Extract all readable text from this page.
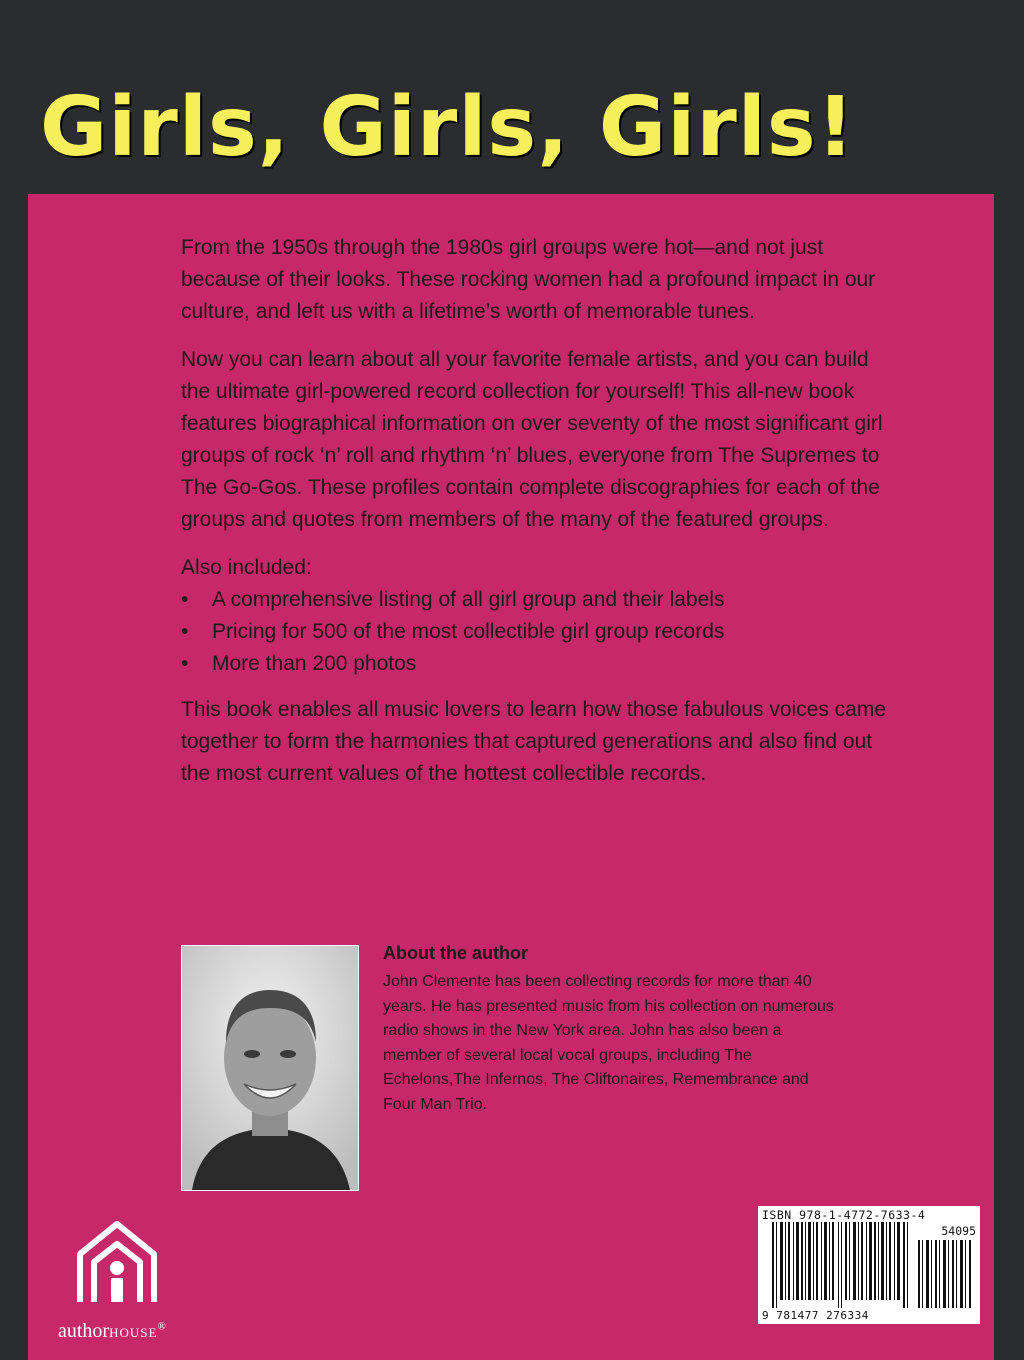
Girls, Girls, Girls!

From the 1950s through the 1980s girl groups were hot—and not just because of their looks. These rocking women had a profound impact in our culture, and left us with a lifetime’s worth of memorable tunes.

Now you can learn about all your favorite female artists, and you can build the ultimate girl-powered record collection for yourself! This all-new book features biographical information on over seventy of the most significant girl groups of rock ‘n’ roll and rhythm ‘n’ blues, everyone from The Supremes to The Go-Gos. These profiles contain complete discographies for each of the groups and quotes from members of the many of the featured groups.

Also included:

•	A comprehensive listing of all girl group and their labels
•	Pricing for 500 of the most collectible girl group records
•	More than 200 photos

This book enables all music lovers to learn how those fabulous voices came together to form the harmonies that captured generations and also find out the most current values of the hottest collectible records.

About the author
John Clemente has been collecting records for more than 40 years. He has presented music from his collection on numerous radio shows in the New York area. John has also been a member of several local vocal groups, including The Echelons,The Infernos, The Cliftonaires, Remembrance and Four Man Trio.
ISBN 978-1-4772-7633-4
54095
9 781477 276334
authorHOUSE®
